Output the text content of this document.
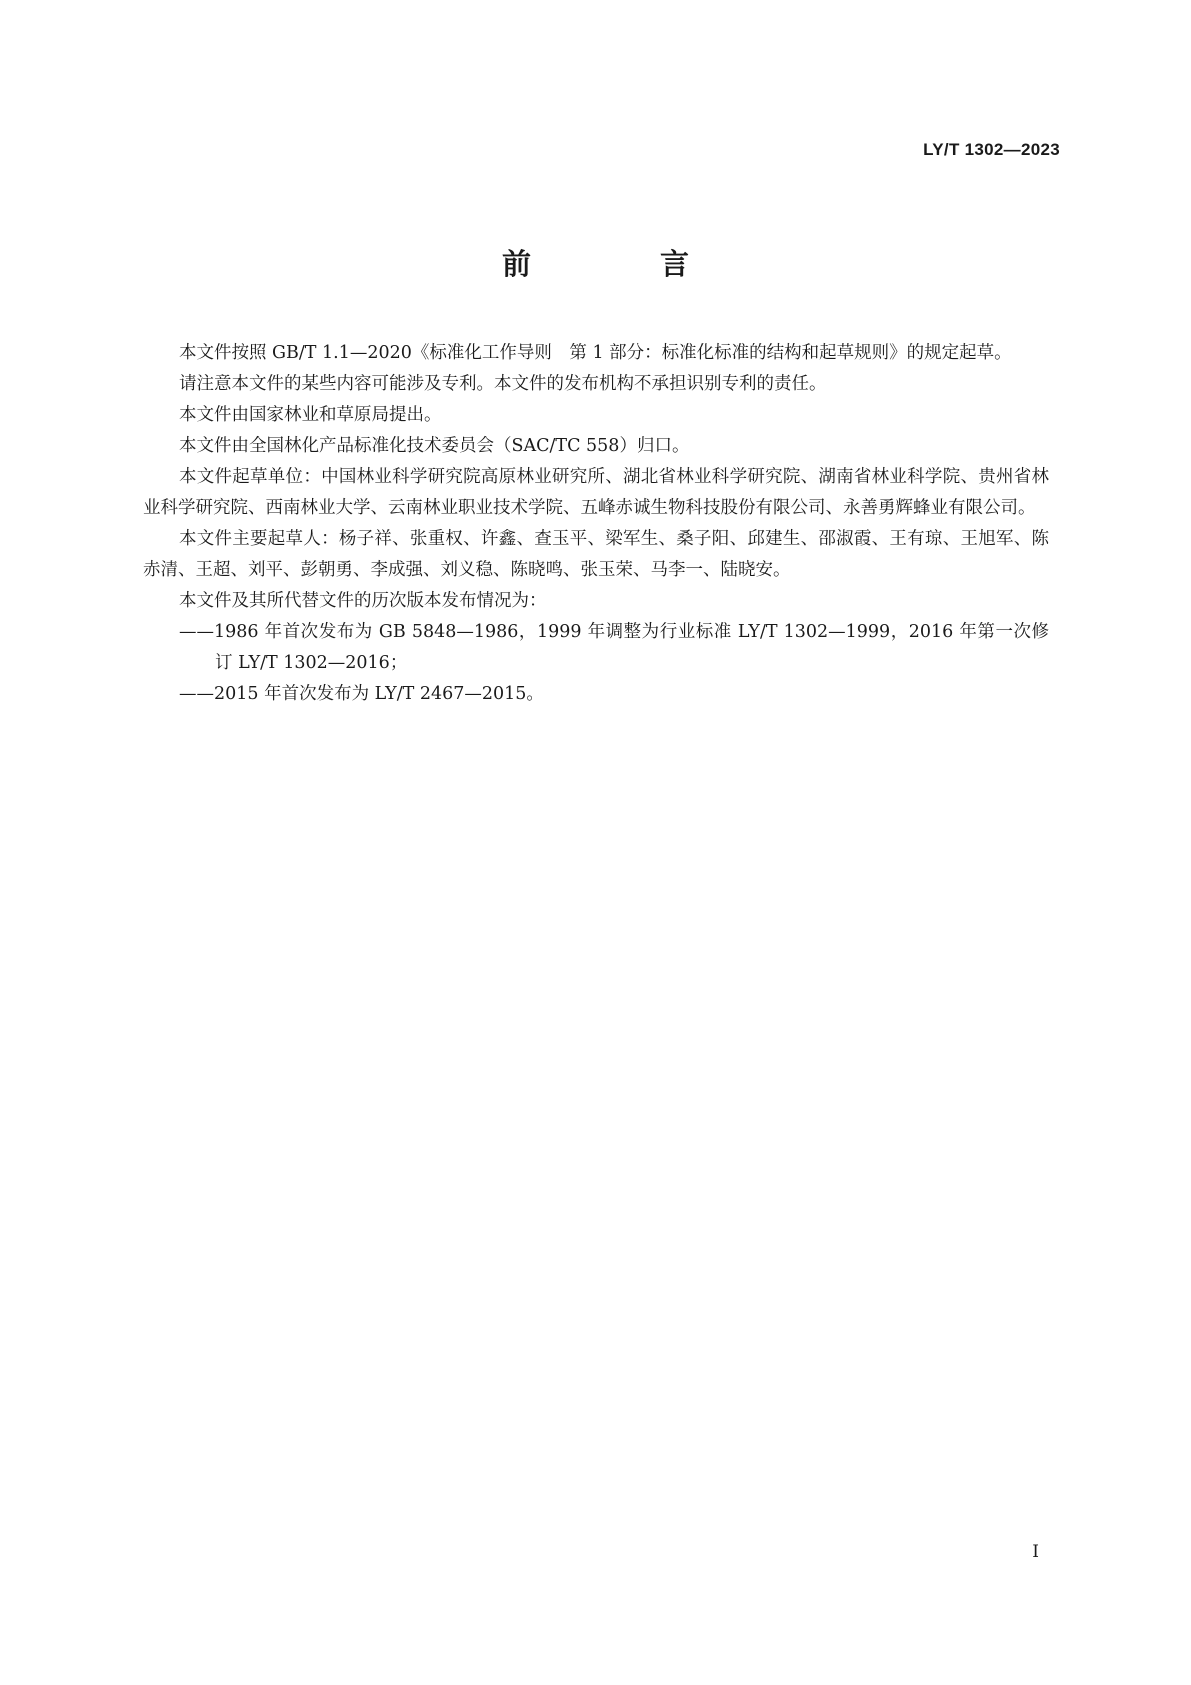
LY/T 1302—2023
前　言

本文件按照 GB/T 1.1—2020《标准化工作导则　第 1 部分：标准化标准的结构和起草规则》的规定起草。

请注意本文件的某些内容可能涉及专利。本文件的发布机构不承担识别专利的责任。

本文件由国家林业和草原局提出。

本文件由全国林化产品标准化技术委员会（SAC/TC 558）归口。

本文件起草单位：中国林业科学研究院高原林业研究所、湖北省林业科学研究院、湖南省林业科学院、贵州省林业科学研究院、西南林业大学、云南林业职业技术学院、五峰赤诚生物科技股份有限公司、永善勇辉蜂业有限公司。

本文件主要起草人：杨子祥、张重权、许鑫、查玉平、梁军生、桑子阳、邱建生、邵淑霞、王有琼、王旭军、陈赤清、王超、刘平、彭朝勇、李成强、刘义稳、陈晓鸣、张玉荣、马李一、陆晓安。

本文件及其所代替文件的历次版本发布情况为：

——1986 年首次发布为 GB 5848—1986，1999 年调整为行业标准 LY/T 1302—1999，2016 年第一次修订 LY/T 1302—2016；

——2015 年首次发布为 LY/T 2467—2015。

I
